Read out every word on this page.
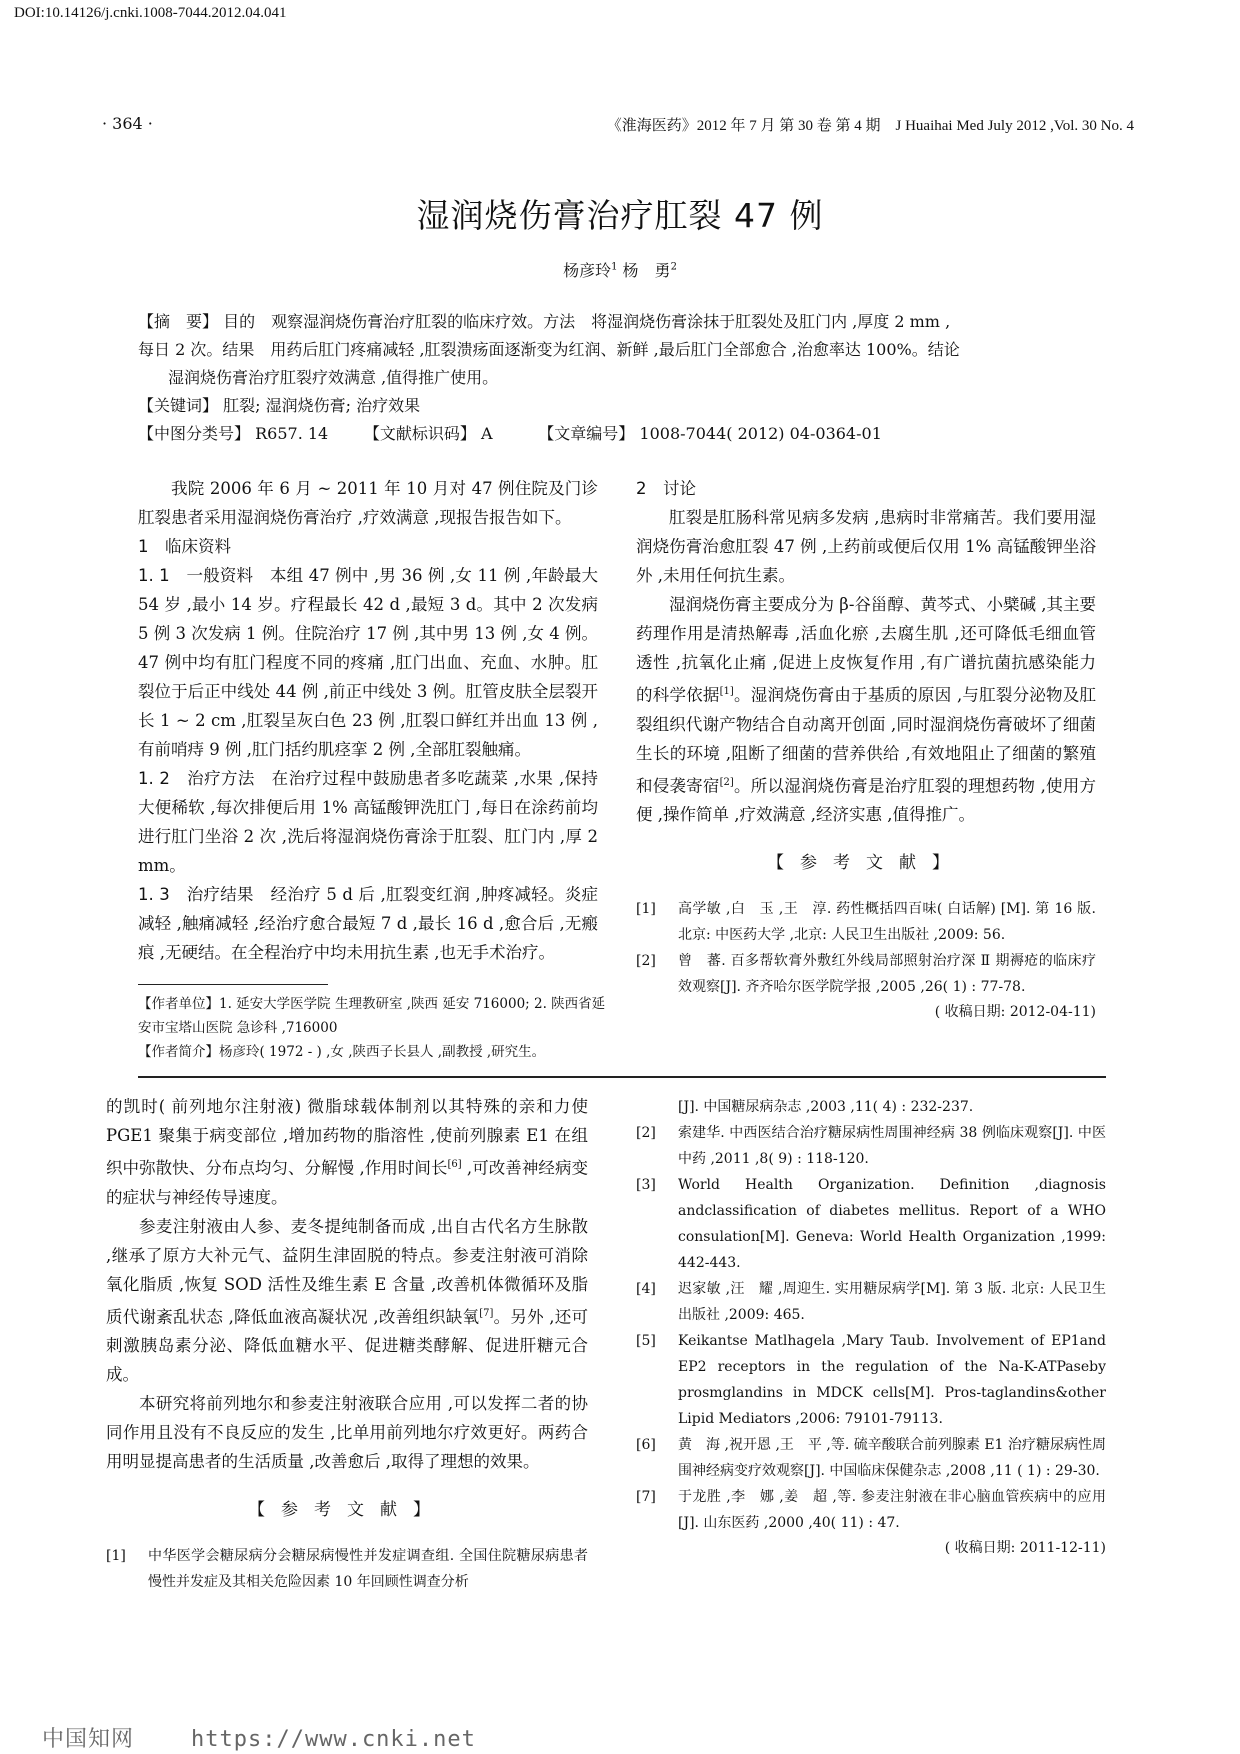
DOI:10.14126/j.cnki.1008-7044.2012.04.041
· 364 ·	《淮海医药》2012 年 7 月 第 30 卷 第 4 期　J Huaihai Med July 2012 ,Vol. 30 No. 4
湿润烧伤膏治疗肛裂 47 例
杨彦玲$^1$ 杨　勇$^2$

【摘　要】 目的　观察湿润烧伤膏治疗肛裂的临床疗效。方法　将湿润烧伤膏涂抹于肛裂处及肛门内 ,厚度 2 mm ,

每日 2 次。结果　用药后肛门疼痛减轻 ,肛裂溃疡面逐渐变为红润、新鲜 ,最后肛门全部愈合 ,治愈率达 100%。结论

湿润烧伤膏治疗肛裂疗效满意 ,值得推广使用。

【关键词】 肛裂; 湿润烧伤膏; 治疗效果

【中图分类号】 R657. 14 【文献标识码】 A	【文章编号】 1008-7044( 2012) 04-0364-01

我院 2006 年 6 月 ~ 2011 年 10 月对 47 例住院及门诊肛裂患者采用湿润烧伤膏治疗 ,疗效满意 ,现报告报告如下。

1　临床资料

1. 1　一般资料　 本组 47 例中 ,男 36 例 ,女 11 例 ,年龄最大 54 岁 ,最小 14 岁。疗程最长 42 d ,最短 3 d。其中 2 次发病 5 例 3 次发病 1 例。住院治疗 17 例 ,其中男 13 例 ,女 4 例。47 例中均有肛门程度不同的疼痛 ,肛门出血、充血、水肿。肛裂位于后正中线处 44 例 ,前正中线处 3 例。肛管皮肤全层裂开长 1 ~ 2 cm ,肛裂呈灰白色 23 例 ,肛裂口鲜红并出血 13 例 ,有前哨痔 9 例 ,肛门括约肌痉挛 2 例 ,全部肛裂触痛。

1. 2　治疗方法　 在治疗过程中鼓励患者多吃蔬菜 ,水果 ,保持大便稀软 ,每次排便后用 1% 高锰酸钾洗肛门 ,每日在涂药前均进行肛门坐浴 2 次 ,洗后将湿润烧伤膏涂于肛裂、肛门内 ,厚 2 mm。

1. 3　治疗结果　 经治疗 5 d 后 ,肛裂变红润 ,肿疼减轻。炎症减轻 ,触痛减轻 ,经治疗愈合最短 7 d ,最长 16 d ,愈合后 ,无瘢痕 ,无硬结。在全程治疗中均未用抗生素 ,也无手术治疗。

2　讨论

肛裂是肛肠科常见病多发病 ,患病时非常痛苦。我们要用湿润烧伤膏治愈肛裂 47 例 ,上药前或便后仅用 1% 高锰酸钾坐浴外 ,未用任何抗生素。

湿润烧伤膏主要成分为 β-谷甾醇、黄芩式、小檗碱 ,其主要药理作用是清热解毒 ,活血化瘀 ,去腐生肌 ,还可降低毛细血管透性 ,抗氧化止痛 ,促进上皮恢复作用 ,有广谱抗菌抗感染能力的科学依据[1]。湿润烧伤膏由于基质的原因 ,与肛裂分泌物及肛裂组织代谢产物结合自动离开创面 ,同时湿润烧伤膏破坏了细菌生长的环境 ,阻断了细菌的营养供给 ,有效地阻止了细菌的繁殖和侵袭寄宿[2]。所以湿润烧伤膏是治疗肛裂的理想药物 ,使用方便 ,操作简单 ,疗效满意 ,经济实惠 ,值得推广。

【参考文献】
[1]	高学敏 ,白　玉 ,王　淳. 药性概括四百味( 白话解) [M]. 第 16 版. 北京: 中医药大学 ,北京: 人民卫生出版社 ,2009: 56.
[2]	曾　蕃. 百多帮软膏外敷红外线局部照射治疗深 Ⅱ 期褥疮的临床疗效观察[J]. 齐齐哈尔医学院学报 ,2005 ,26( 1) : 77-78.
( 收稿日期: 2012-04-11)

【作者单位】1. 延安大学医学院 生理教研室 ,陕西 延安 716000; 2. 陕西省延安市宝塔山医院 急诊科 ,716000

【作者简介】杨彦玲( 1972 - ) ,女 ,陕西子长县人 ,副教授 ,研究生。

的凯时( 前列地尔注射液) 微脂球载体制剂以其特殊的亲和力使 PGE1 聚集于病变部位 ,增加药物的脂溶性 ,使前列腺素 E1 在组织中弥散快、分布点均匀、分解慢 ,作用时间长[6] ,可改善神经病变的症状与神经传导速度。

参麦注射液由人参、麦冬提纯制备而成 ,出自古代名方生脉散 ,继承了原方大补元气、益阴生津固脱的特点。参麦注射液可消除氧化脂质 ,恢复 SOD 活性及维生素 E 含量 ,改善机体微循环及脂质代谢紊乱状态 ,降低血液高凝状况 ,改善组织缺氧[7]。另外 ,还可刺激胰岛素分泌、降低血糖水平、促进糖类酵解、促进肝糖元合成。

本研究将前列地尔和参麦注射液联合应用 ,可以发挥二者的协同作用且没有不良反应的发生 ,比单用前列地尔疗效更好。两药合用明显提高患者的生活质量 ,改善愈后 ,取得了理想的效果。

【参考文献】
[1]	中华医学会糖尿病分会糖尿病慢性并发症调查组. 全国住院糖尿病患者慢性并发症及其相关危险因素 10 年回顾性调查分析
[J]. 中国糖尿病杂志 ,2003 ,11( 4) : 232-237.
[2]	索建华. 中西医结合治疗糖尿病性周围神经病 38 例临床观察[J]. 中医中药 ,2011 ,8( 9) : 118-120.
[3]	World Health Organization. Definition ,diagnosis andclassification of diabetes mellitus. Report of a WHO consulation[M]. Geneva: World Health Organization ,1999: 442-443.
[4]	迟家敏 ,汪　耀 ,周迎生. 实用糖尿病学[M]. 第 3 版. 北京: 人民卫生出版社 ,2009: 465.
[5]	Keikantse Matlhagela ,Mary Taub. Involvement of EP1and EP2 receptors in the regulation of the Na-K-ATPaseby prosmglandins in MDCK cells[M]. Pros-taglandins&other Lipid Mediators ,2006: 79101-79113.
[6]	黄　海 ,祝开恩 ,王　平 ,等. 硫辛酸联合前列腺素 E1 治疗糖尿病性周围神经病变疗效观察[J]. 中国临床保健杂志 ,2008 ,11 ( 1) : 29-30.
[7]	于龙胜 ,李　娜 ,姜　超 ,等. 参麦注射液在非心脑血管疾病中的应用[J]. 山东医药 ,2000 ,40( 11) : 47.
( 收稿日期: 2011-12-11)
中国知网	https://www.cnki.net
